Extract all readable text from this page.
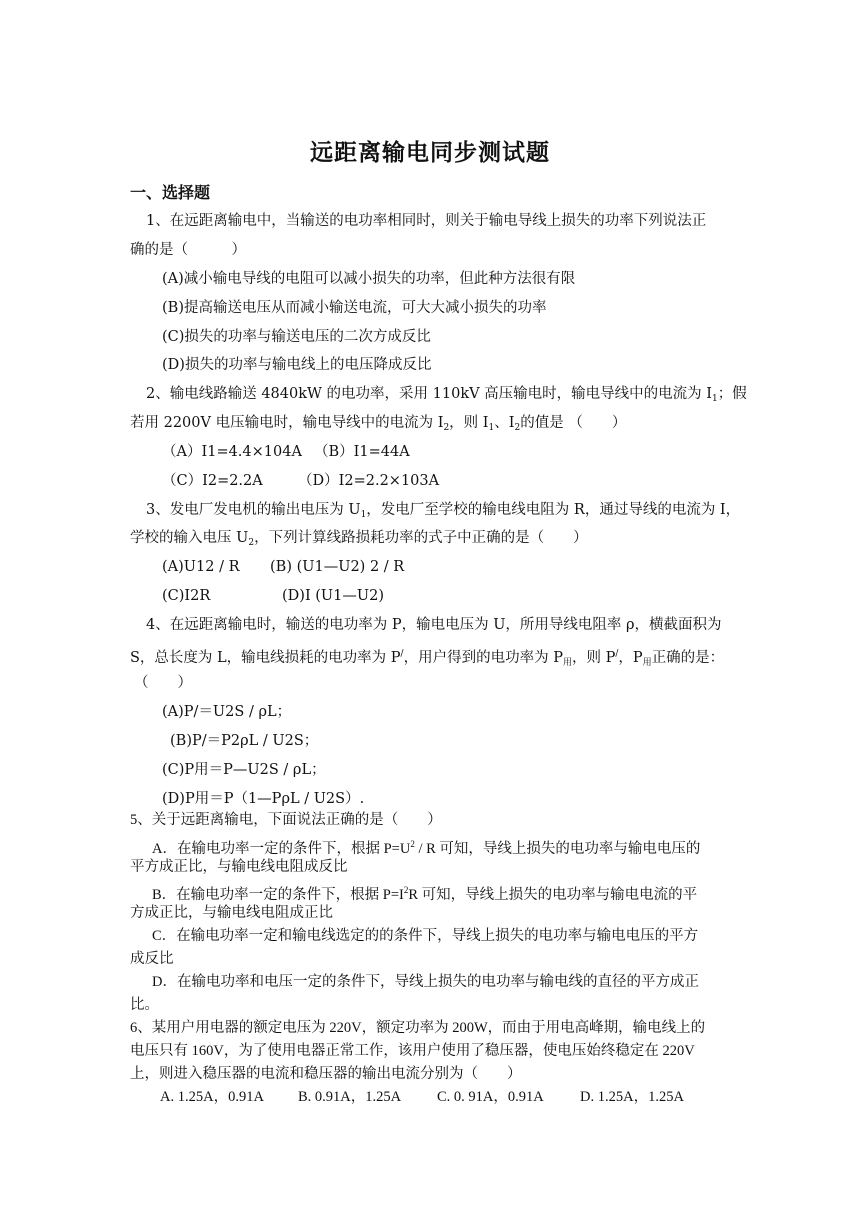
远距离输电同步测试题
一、选择题
1、在远距离输电中，当输送的电功率相同时，则关于输电导线上损失的功率下列说法正
确的是（　　　）
(A)减小输电导线的电阻可以减小损失的功率，但此种方法很有限
(B)提高输送电压从而减小输送电流，可大大减小损失的功率
(C)损失的功率与输送电压的二次方成反比
(D)损失的功率与输电线上的电压降成反比
2、输电线路输送 4840kW 的电功率，采用 110kV 高压输电时，输电导线中的电流为 $I_1$；假
若用 2200V 电压输电时，输电导线中的电流为 $I_2$，则 $I_1$、$I_2$的值是 （　　）
（A）I1=4.4×104A （B）I1=44A
（C）I2=2.2A （D）I2=2.2×103A
3、发电厂发电机的输出电压为 $U_1$，发电厂至学校的输电线电阻为 R，通过导线的电流为 I，
学校的输入电压 $U_2$，下列计算线路损耗功率的式子中正确的是（　　）
(A)U12 / R (B) (U1—U2) 2 / R
(C)I2R	(D)I (U1—U2)
4、在远距离输电时，输送的电功率为 P，输电电压为 U，所用导线电阻率 ρ，横截面积为
S，总长度为 L，输电线损耗的电功率为 P/，用户得到的电功率为 $P_用$，则 P/，$P_用$正确的是：
（　　）
(A)P/＝U2S / ρL；
(B)P/＝P2ρL / U2S；
(C)P用＝P—U2S / ρL；
(D)P用＝P（1—PρL / U2S）.
5、关于远距离输电，下面说法正确的是（　　）
A．在输电功率一定的条件下，根据 $P=U^2 / R$ 可知，导线上损失的电功率与输电电压的
平方成正比，与输电线电阻成反比
B．在输电功率一定的条件下，根据 $P=I^2R$ 可知，导线上损失的电功率与输电电流的平
方成正比，与输电线电阻成正比
C．在输电功率一定和输电线选定的的条件下，导线上损失的电功率与输电电压的平方
成反比
D．在输电功率和电压一定的条件下，导线上损失的电功率与输电线的直径的平方成正
比。
6、某用户用电器的额定电压为 220V，额定功率为 200W，而由于用电高峰期，输电线上的
电压只有 160V，为了使用电器正常工作，该用户使用了稳压器，使电压始终稳定在 220V
上，则进入稳压器的电流和稳压器的输出电流分别为（　　）
A. 1.25A，0.91A B. 0.91A，1.25A C. 0. 91A，0.91A	D. 1.25A，1.25A
